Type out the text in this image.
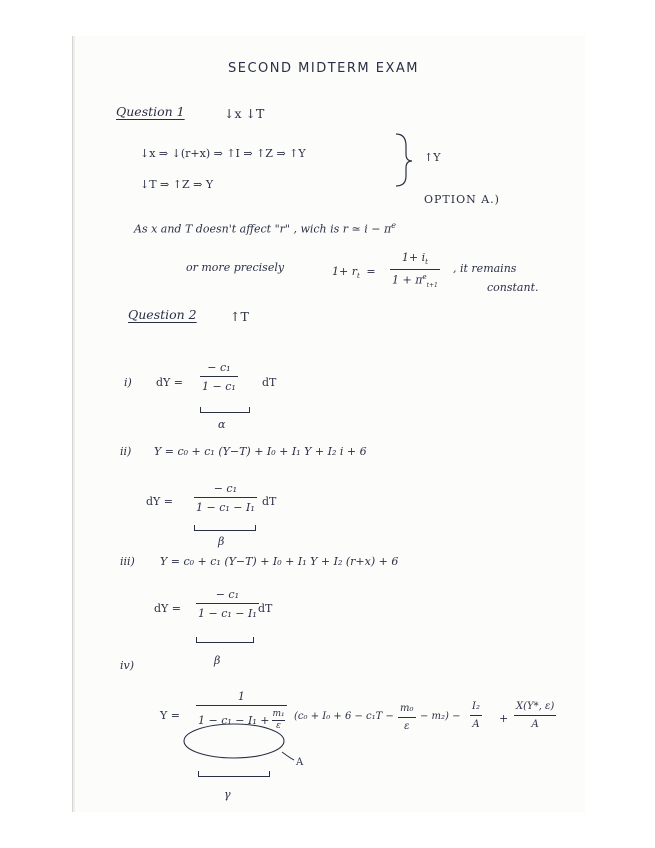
SECOND MIDTERM EXAM
Question 1	↓x ↓T
↓x ⇒ ↓(r+x) ⇒ ↑I ⇒ ↑Z ⇒ ↑Y
↓T ⇒ ↑Z ⇒ Y
↑Y
OPTION A.)
As x and T doesn't affect "r" , wich is r ≃ $i - \pi^e$
or more precisely	$1+ r_t$ =
$1+ i_t$
$1 + \pi^e_{t+1}$
, it remains
constant.
Question 2	↑T
i) dY =
− c₁
1 − c₁ dT
α
ii) Y = c₀ + c₁ (Y−T) + I₀ + I₁ Y + I₂ i + 6
dY =
− c₁
1 − c₁ − I₁ dT
β
iii) Y = c₀ + c₁ (Y−T) + I₀ + I₁ Y + I₂ (r+x) + 6
dY =
− c₁
1 − c₁ − I₁ dT
β
iv)
Y =
1
1 − c₁ − I₁ + m₁
ε
A
(c₀ + I₀ + 6 − c₁T −
m₀
ε
− m₂) −
I₂
A +
X(Y*, ε)
A
γ
